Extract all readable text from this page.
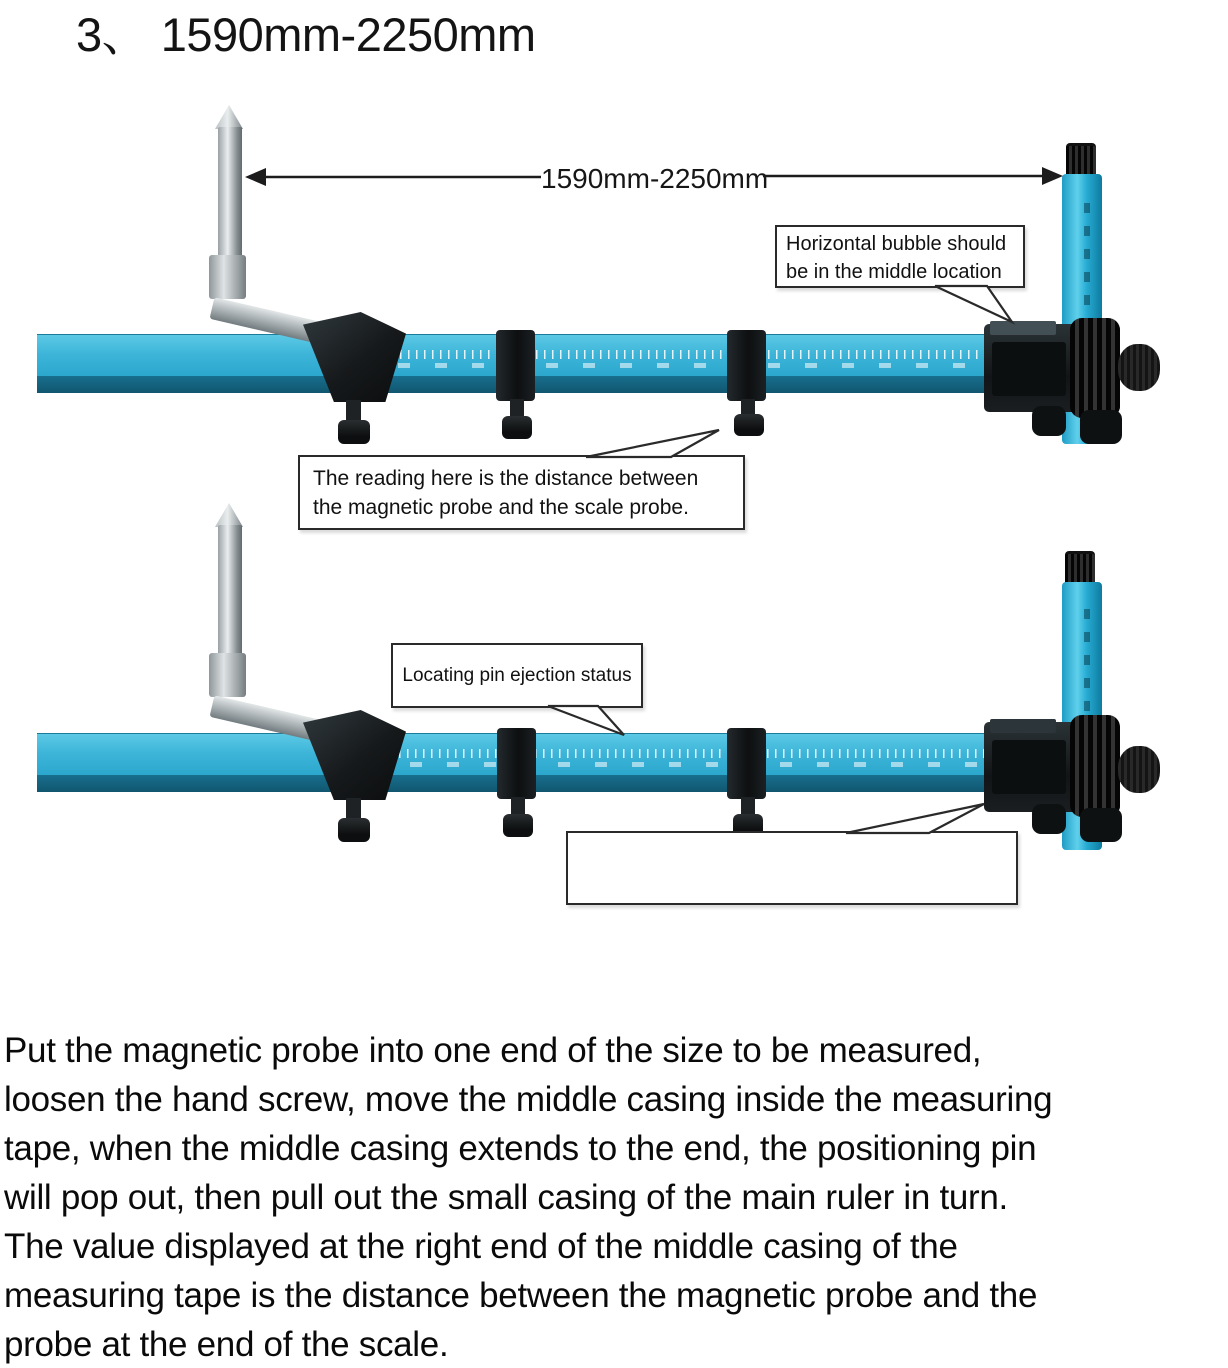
3、 1590mm-2250mm
1590mm-2250mm
Horizontal bubble should
be in the middle location
The reading here is the distance between
the magnetic probe and the scale probe.
Locating pin ejection status
Put the magnetic probe into one end of the size to be measured,
loosen the hand screw, move the middle casing inside the measuring
tape, when the middle casing extends to the end, the positioning pin
will pop out, then pull out the small casing of the main ruler in turn.
The value displayed at the right end of the middle casing of the
measuring tape is the distance between the magnetic probe and the
probe at the end of the scale.
